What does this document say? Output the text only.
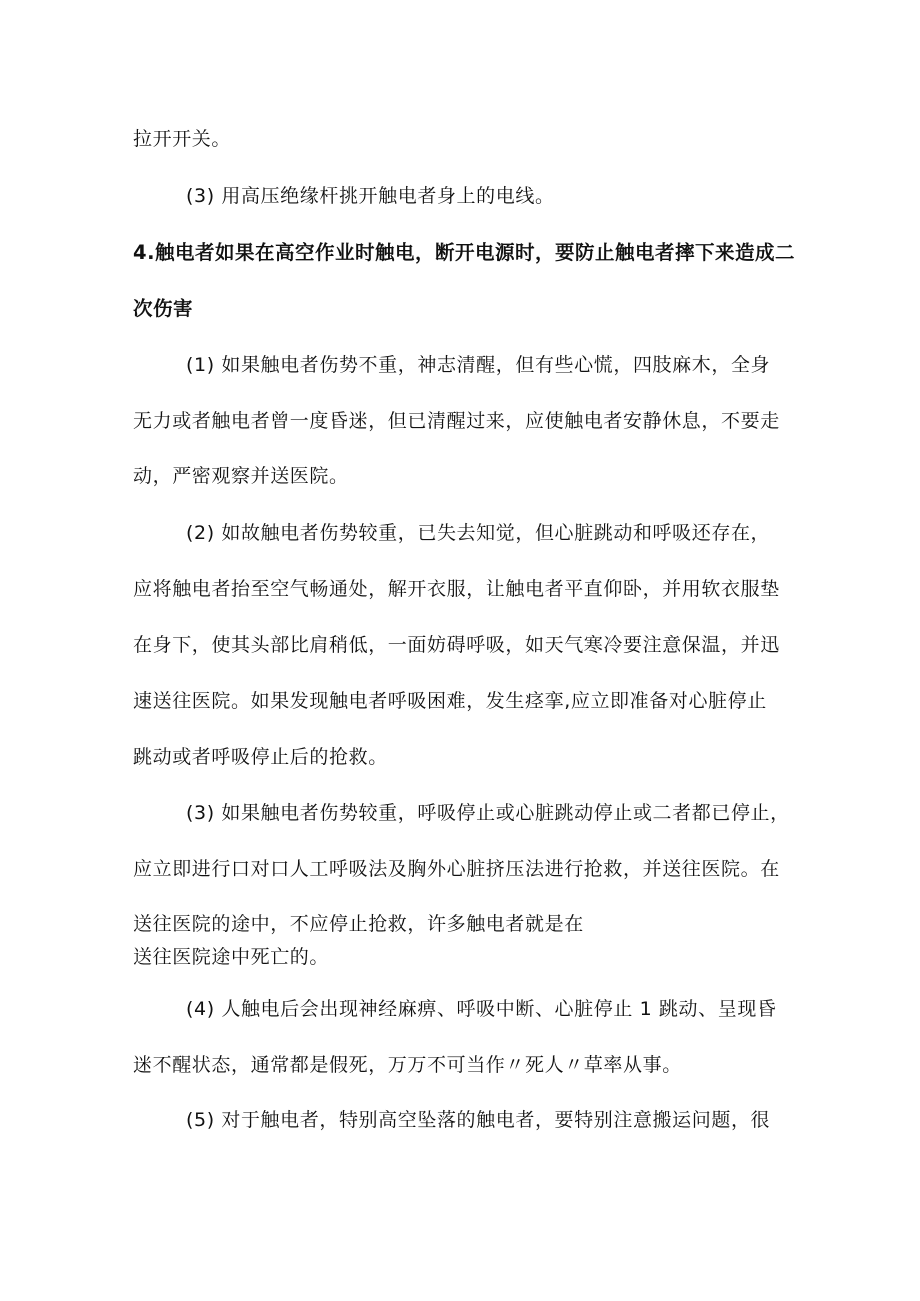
拉开开关。
(3) 用高压绝缘杆挑开触电者身上的电线。
4.触电者如果在高空作业时触电，断开电源时，要防止触电者摔下来造成二
次伤害
(1) 如果触电者伤势不重，神志清醒，但有些心慌，四肢麻木，全身
无力或者触电者曾一度昏迷，但已清醒过来，应使触电者安静休息，不要走
动，严密观察并送医院。
(2) 如故触电者伤势较重，已失去知觉，但心脏跳动和呼吸还存在，
应将触电者抬至空气畅通处，解开衣服，让触电者平直仰卧，并用软衣服垫
在身下，使其头部比肩稍低，一面妨碍呼吸，如天气寒冷要注意保温，并迅
速送往医院。如果发现触电者呼吸困难，发生痉挛,应立即准备对心脏停止
跳动或者呼吸停止后的抢救。
(3) 如果触电者伤势较重，呼吸停止或心脏跳动停止或二者都已停止，
应立即进行口对口人工呼吸法及胸外心脏挤压法进行抢救，并送往医院。在
送往医院的途中，不应停止抢救，许多触电者就是在
送往医院途中死亡的。
(4) 人触电后会出现神经麻痹、呼吸中断、心脏停止 1 跳动、呈现昏
迷不醒状态，通常都是假死，万万不可当作〃死人〃草率从事。
(5) 对于触电者，特别高空坠落的触电者，要特别注意搬运问题，很
